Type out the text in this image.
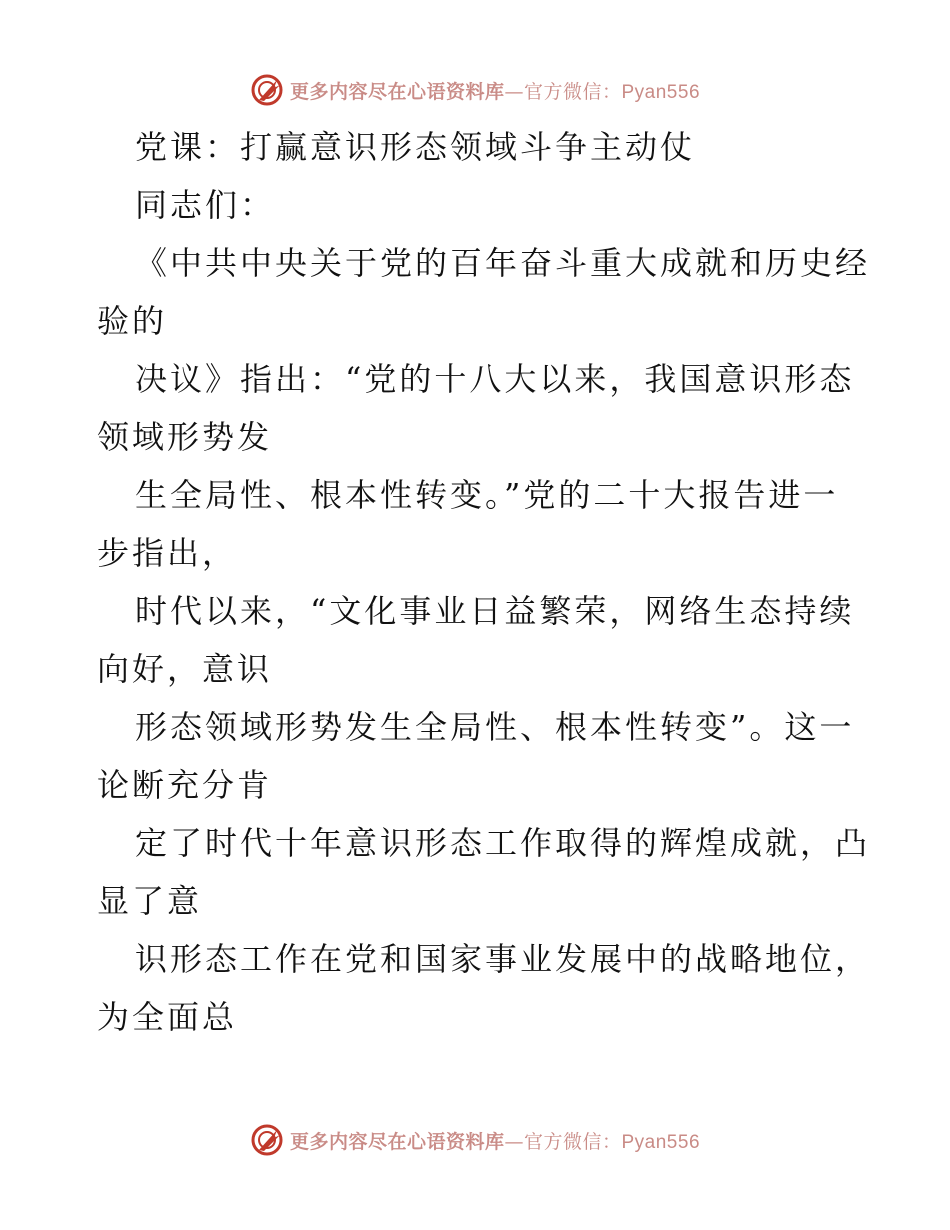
更多内容尽在心语资料库—官方微信：Pyan556
党课：打赢意识形态领域斗争主动仗
同志们：
《中共中央关于党的百年奋斗重大成就和历史经
验的
决议》指出：“党的十八大以来，我国意识形态
领域形势发
生全局性、根本性转变。”党的二十大报告进一
步指出，
时代以来，“文化事业日益繁荣，网络生态持续
向好，意识
形态领域形势发生全局性、根本性转变”。这一
论断充分肯
定了时代十年意识形态工作取得的辉煌成就，凸
显了意
识形态工作在党和国家事业发展中的战略地位，
为全面总
更多内容尽在心语资料库—官方微信：Pyan556
